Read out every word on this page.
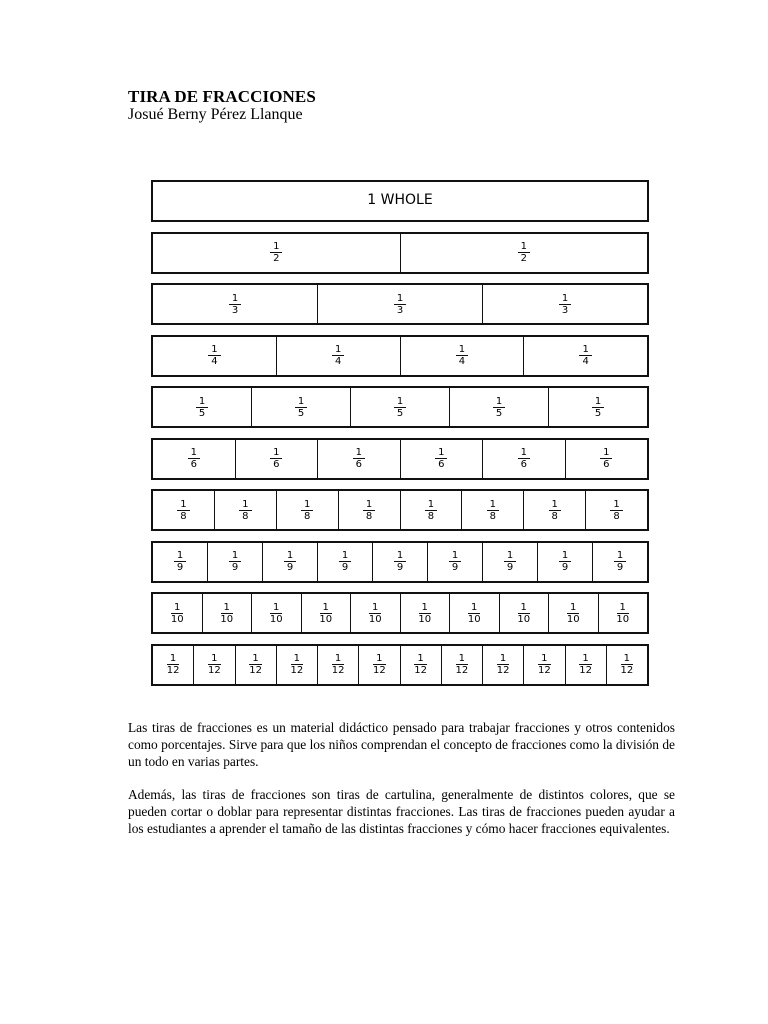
TIRA DE FRACCIONES
Josué Berny Pérez Llanque
1 WHOLE
$\frac{1}{2}$	$\frac{1}{2}$
$\frac{1}{3}$	$\frac{1}{3}$	$\frac{1}{3}$
$\frac{1}{4}$	$\frac{1}{4}$	$\frac{1}{4}$	$\frac{1}{4}$
$\frac{1}{5}$	$\frac{1}{5}$	$\frac{1}{5}$	$\frac{1}{5}$	$\frac{1}{5}$
$\frac{1}{6}$	$\frac{1}{6}$	$\frac{1}{6}$	$\frac{1}{6}$	$\frac{1}{6}$	$\frac{1}{6}$
$\frac{1}{8}$	$\frac{1}{8}$	$\frac{1}{8}$	$\frac{1}{8}$	$\frac{1}{8}$	$\frac{1}{8}$	$\frac{1}{8}$	$\frac{1}{8}$
$\frac{1}{9}$	$\frac{1}{9}$	$\frac{1}{9}$	$\frac{1}{9}$	$\frac{1}{9}$	$\frac{1}{9}$	$\frac{1}{9}$	$\frac{1}{9}$	$\frac{1}{9}$
$\frac{1}{10}$	$\frac{1}{10}$	$\frac{1}{10}$	$\frac{1}{10}$	$\frac{1}{10}$	$\frac{1}{10}$	$\frac{1}{10}$	$\frac{1}{10}$	$\frac{1}{10}$	$\frac{1}{10}$
$\frac{1}{12} \frac{1}{12} \frac{1}{12} \frac{1}{12} \frac{1}{12} \frac{1}{12} \frac{1}{12} \frac{1}{12} \frac{1}{12} \frac{1}{12} \frac{1}{12} \frac{1}{12}$
Las tiras de fracciones es un material didáctico pensado para trabajar fracciones y otros contenidos como porcentajes. Sirve para que los niños comprendan el concepto de fracciones como la división de un todo en varias partes.
Además, las tiras de fracciones son tiras de cartulina, generalmente de distintos colores, que se pueden cortar o doblar para representar distintas fracciones. Las tiras de fracciones pueden ayudar a los estudiantes a aprender el tamaño de las distintas fracciones y cómo hacer fracciones equivalentes.
